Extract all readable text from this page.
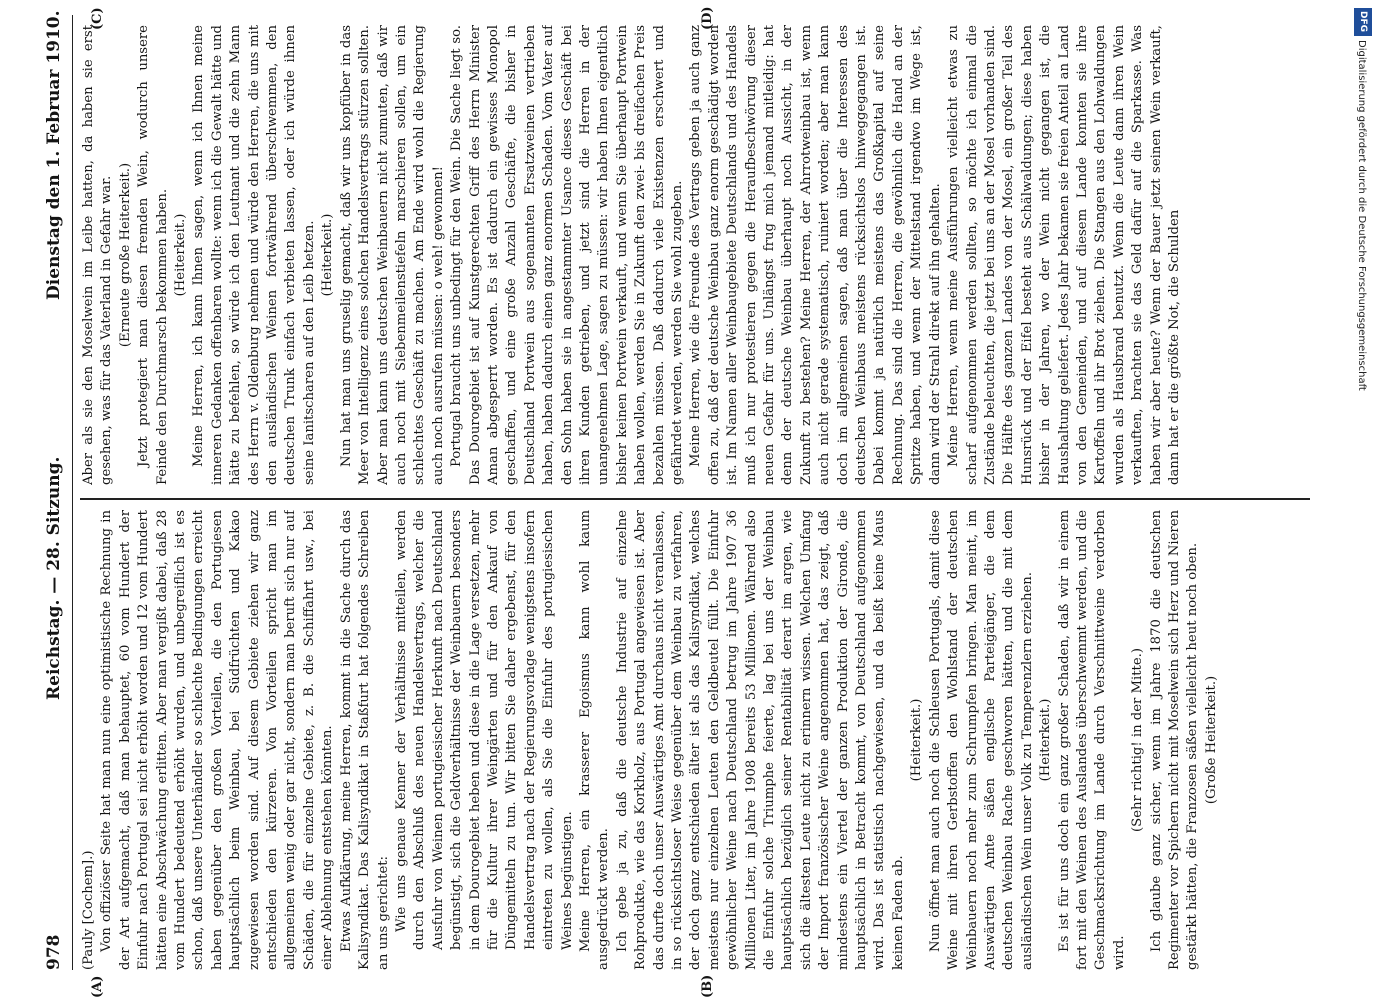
978
Reichstag. — 28. Sitzung.
Dienstag den 1. Februar 1910.
(A)	(B)
(C)	(D)

(Pauly [Cochem].) Von offiziöser Seite hat man nun eine optimistische Rechnung in der Art aufgemacht, daß man behauptet, 60 vom Hundert der Einfuhr nach Portugal sei nicht erhöht worden und 12 vom Hundert hätten eine Abschwächung erlitten. Aber man vergißt dabei, daß 28 vom Hundert bedeutend erhöht wurden, und unbegreiflich ist es schon, daß unsere Unterhändler so schlechte Bedingungen erreicht haben gegenüber den großen Vorteilen, die den Portugiesen hauptsächlich beim Weinbau, bei Südfrüchten und Kakao zugewiesen worden sind. Auf diesem Gebiete ziehen wir ganz entschieden den kürzeren. Von Vorteilen spricht man im allgemeinen wenig oder gar nicht, sondern man beruft sich nur auf Schäden, die für einzelne Gebiete, z. B. die Schiffahrt usw., bei einer Ablehnung entstehen könnten. Etwas Aufklärung, meine Herren, kommt in die Sache durch das Kalisyndikat. Das Kalisyndikat in Staßfurt hat folgendes Schreiben an uns gerichtet: Wie uns genaue Kenner der Verhältnisse mitteilen, werden durch den Abschluß des neuen Handelsvertrags, welcher die Ausfuhr von Weinen portugiesischer Herkunft nach Deutschland begünstigt, sich die Geldverhältnisse der Weinbauern besonders in dem Dourogebiet heben und diese in die Lage versetzen, mehr für die Kultur ihrer Weingärten und für den Ankauf von Düngemitteln zu tun. Wir bitten Sie daher ergebenst, für den Handelsvertrag nach der Regierungsvorlage wenigstens insofern eintreten zu wollen, als Sie die Einfuhr des portugiesischen Weines begünstigen. Meine Herren, ein krasserer Egoismus kann wohl kaum ausgedrückt werden. Ich gebe ja zu, daß die deutsche Industrie auf einzelne Rohprodukte, wie das Korkholz, aus Portugal angewiesen ist. Aber das durfte doch unser Auswärtiges Amt durchaus nicht veranlassen, in so rücksichtsloser Weise gegenüber dem Weinbau zu verfahren, der doch ganz entschieden älter ist als das Kalisyndikat, welches meistens nur einzelnen Leuten den Geldbeutel füllt. Die Einfuhr gewöhnlicher Weine nach Deutschland betrug im Jahre 1907 36 Millionen Liter, im Jahre 1908 bereits 53 Millionen. Während also die Einfuhr solche Triumphe feierte, lag bei uns der Weinbau hauptsächlich bezüglich seiner Rentabilität derart im argen, wie sich die ältesten Leute nicht zu erinnern wissen. Welchen Umfang der Import französischer Weine angenommen hat, das zeigt, daß mindestens ein Viertel der ganzen Produktion der Gironde, die hauptsächlich in Betracht kommt, von Deutschland aufgenommen wird. Das ist statistisch nachgewiesen, und da beißt keine Maus keinen Faden ab.

(Heiterkeit.) Nun öffnet man auch noch die Schleusen Portugals, damit diese Weine mit ihren Gerbstoffen den Wohlstand der deutschen Weinbauern noch mehr zum Schrumpfen bringen. Man meint, im Auswärtigen Amte säßen englische Parteigänger, die dem deutschen Weinbau Rache geschworen hätten, und die mit dem ausländischen Wein unser Volk zu Temperenzlern erziehen. (Heiterkeit.) Es ist für uns doch ein ganz großer Schaden, daß wir in einem fort mit den Weinen des Auslandes überschwemmt werden, und die Geschmacksrichtung im Lande durch Verschnittweine verdorben wird.

(Sehr richtig! in der Mitte.) Ich glaube ganz sicher, wenn im Jahre 1870 die deutschen Regimenter vor Spichern nicht mit Moselwein sich Herz und Nieren gestärkt hätten, die Franzosen säßen vielleicht heut noch oben. (Große Heiterkeit.)

Aber als sie den Moselwein im Leibe hatten, da haben sie erst gesehen, was für das Vaterland in Gefahr war. (Erneute große Heiterkeit.) Jetzt protegiert man diesen fremden Wein, wodurch unsere Feinde den Durchmarsch bekommen haben. (Heiterkeit.) Meine Herren, ich kann Ihnen sagen, wenn ich Ihnen meine inneren Gedanken offenbaren wollte: wenn ich die Gewalt hätte und hätte zu befehlen, so würde ich den Leutnant und die zehn Mann des Herrn v. Oldenburg nehmen und würde den Herren, die uns mit den ausländischen Weinen fortwährend überschwemmen, den deutschen Trunk einfach verbieten lassen, oder ich würde ihnen seine Ianitscharen auf den Leib hetzen. (Heiterkeit.) Nun hat man uns gruselig gemacht, daß wir uns kopfüber in das Meer von Intelligenz eines solchen Handelsvertrags stürzen sollten. Aber man kann uns deutschen Weinbauern nicht zumuten, daß wir auch noch mit Siebenmeilenstiefeln marschieren sollen, um ein schlechtes Geschäft zu machen. Am Ende wird wohl die Regierung auch noch ausrufen müssen: o weh! gewonnen! Portugal braucht uns unbedingt für den Wein. Die Sache liegt so. Das Dourogebiet ist auf Kunstgerechten Griff des Herrn Minister Aman abgesperrt worden. Es ist dadurch ein gewisses Monopol geschaffen, und eine große Anzahl Geschäfte, die bisher in Deutschland Portwein aus sogenannten Ersatzweinen vertrieben haben, haben dadurch einen ganz enormen Schaden. Vom Vater auf den Sohn haben sie in angestammter Usance dieses Geschäft bei ihren Kunden getrieben, und jetzt sind die Herren in der unangenehmen Lage, sagen zu müssen: wir haben Ihnen eigentlich bisher keinen Portwein verkauft, und wenn Sie überhaupt Portwein haben wollen, werden Sie in Zukunft den zwei- bis dreifachen Preis bezahlen müssen. Daß dadurch viele Existenzen erschwert und gefährdet werden, werden Sie wohl zugeben. Meine Herren, wie die Freunde des Vertrags geben ja auch ganz offen zu, daß der deutsche Weinbau ganz enorm geschädigt worden ist. Im Namen aller Weinbaugebiete Deutschlands und des Handels muß ich nur protestieren gegen die Heraufbeschwörung dieser neuen Gefahr für uns. Unlängst frug mich jemand mitleidig: hat denn der deutsche Weinbau überhaupt noch Aussicht, in der Zukunft zu bestehen? Meine Herren, der Ahrrotweinbau ist, wenn auch nicht gerade systematisch, ruiniert worden; aber man kann doch im allgemeinen sagen, daß man über die Interessen des deutschen Weinbaus meistens rücksichtslos hinweggegangen ist. Dabei kommt ja natürlich meistens das Großkapital auf seine Rechnung. Das sind die Herren, die gewöhnlich die Hand an der Spritze haben, und wenn der Mittelstand irgendwo im Wege ist, dann wird der Strahl direkt auf ihn gehalten. Meine Herren, wenn meine Ausführungen vielleicht etwas zu scharf aufgenommen werden sollten, so möchte ich einmal die Zustände beleuchten, die jetzt bei uns an der Mosel vorhanden sind. Die Hälfte des ganzen Landes von der Mosel, ein großer Teil des Hunsrück und der Eifel besteht aus Schälwaldungen; diese haben bisher in der Jahren, wo der Wein nicht gegangen ist, die Haushaltung geliefert. Jedes Jahr bekamen sie freien Anteil an Land von den Gemeinden, und auf diesem Lande konnten sie ihre Kartoffeln und ihr Brot ziehen. Die Stangen aus den Lohwaldungen wurden als Hausbrand benutzt. Wenn die Leute dann ihren Wein verkauften, brachten sie das Geld dafür auf die Sparkasse. Was haben wir aber heute? Wenn der Bauer jetzt seinen Wein verkauft, dann hat er die größte Not, die Schulden

DFG
Digitalisierung gefördert durch die Deutsche Forschungsgemeinschaft
